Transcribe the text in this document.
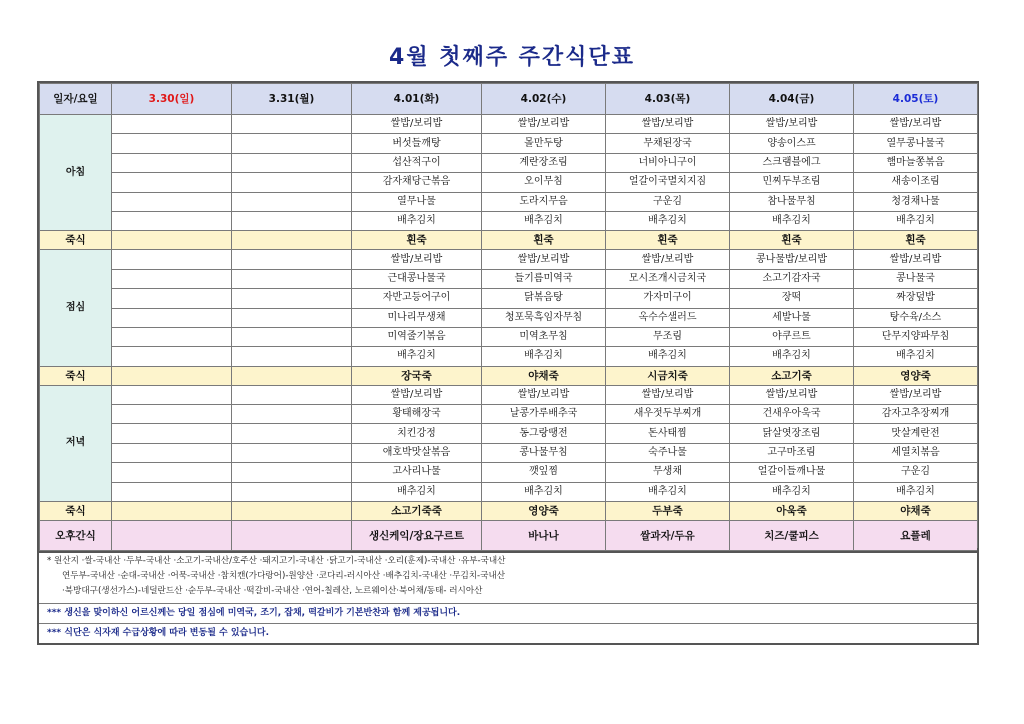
4월 첫째주 주간식단표
일자/요일	3.30(일)	3.31(월)	4.01(화)	4.02(수)	4.03(목)	4.04(금)	4.05(토)
아침			쌀밥/보리밥	쌀밥/보리밥	쌀밥/보리밥	쌀밥/보리밥	쌀밥/보리밥
			버섯들깨탕	몰만두탕	무채된장국	양송이스프	열무콩나물국
			섭산적구이	계란장조림	너비아니구이	스크램블에그	햄마늘쫑볶음
			감자채당근볶음	오이무침	얼갈이국멸치지짐	민찌두부조림	새송이조림
			열무나물	도라지무음	구운김	참나물무침	청경채나물
			배추김치	배추김치	배추김치	배추김치	배추김치
죽식			흰죽	흰죽	흰죽	흰죽	흰죽
점심			쌀밥/보리밥	쌀밥/보리밥	쌀밥/보리밥	콩나물밥/보리밥	쌀밥/보리밥
			근대콩나물국	들기름미역국	모시조개시금치국	소고기감자국	콩나물국
			자반고등어구이	닭볶음탕	가자미구이	장떡	짜장덮밥
			미나리무생채	청포묵흑임자무침	옥수수샐러드	세발나물	탕수육/소스
			미역줄기볶음	미역초무침	무조림	야쿠르트	단무지양파무침
			배추김치	배추김치	배추김치	배추김치	배추김치
죽식			장국죽	야채죽	시금치죽	소고기죽	영양죽
저녁			쌀밥/보리밥	쌀밥/보리밥	쌀밥/보리밥	쌀밥/보리밥	쌀밥/보리밥
			황태해장국	날콩가루배추국	새우젓두부찌개	건새우아욱국	감자고추장찌개
			치킨강정	동그랑땡전	돈사태찜	닭살엿장조림	맛살계란전
			애호박맛살볶음	콩나물무침	숙주나물	고구마조림	세열치볶음
			고사리나물	깻잎찜	무생채	얼갈이들깨나물	구운김
			배추김치	배추김치	배추김치	배추김치	배추김치
죽식			소고기죽죽	영양죽	두부죽	아욱죽	야채죽
오후간식			생신케익/장요구르트	바나나	쌀과자/두유	치즈/쿨피스	요플레
* 원산지 ·쌀-국내산 ·두부-국내산 ·소고기-국내산/호주산 ·돼지고기-국내산 ·닭고기-국내산 ·오리(훈제)-국내산 ·유부-국내산
연두부-국내산 ·순대-국내산 ·어묵-국내산 ·참치캔(가다랑어)-원양산 ·코다리-러시아산 ·배추김치-국내산 ·무김치-국내산
·북방대구(생선가스)-네덜란드산 ·순두부-국내산 ·떡갈비-국내산 ·연어-칠레산, 노르웨이산·북어채/동태- 러시아산
*** 생신을 맞이하신 어르신께는 당일 점심에 미역국, 조기, 잡채, 떡갈비가 기본반찬과 함께 제공됩니다.
*** 식단은 식자재 수급상황에 따라 변동될 수 있습니다.
